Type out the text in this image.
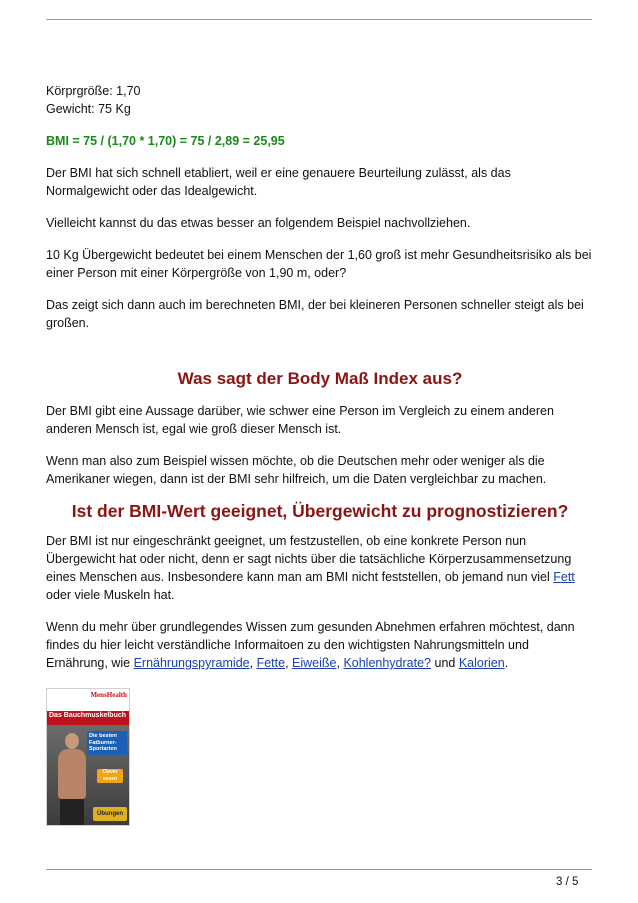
Körprgröße: 1,70
Gewicht: 75 Kg
BMI = 75 / (1,70 * 1,70) = 75 / 2,89 = 25,95
Der BMI hat sich schnell etabliert, weil er eine genauere Beurteilung zulässt, als das Normalgewicht oder das Idealgewicht.
Vielleicht kannst du das etwas besser an folgendem Beispiel nachvollziehen.
10 Kg Übergewicht bedeutet bei einem Menschen der 1,60 groß ist mehr Gesundheitsrisiko als bei einer Person mit einer Körpergröße von 1,90 m, oder?
Das zeigt sich dann auch im berechneten BMI, der bei kleineren Personen schneller steigt als bei großen.
Was sagt der Body Maß Index aus?
Der BMI gibt eine Aussage darüber, wie schwer eine Person im Vergleich zu einem anderen anderen Mensch ist, egal wie groß dieser Mensch ist.
Wenn man also zum Beispiel wissen möchte, ob die Deutschen mehr oder weniger als die Amerikaner wiegen, dann ist der BMI sehr hilfreich, um die Daten vergleichbar zu machen.
Ist der BMI-Wert geeignet, Übergewicht zu prognostizieren?
Der BMI ist nur eingeschränkt geeignet, um festzustellen, ob eine konkrete Person nun Übergewicht hat oder nicht, denn er sagt nichts über die tatsächliche Körperzusammensetzung eines Menschen aus. Insbesondere kann man am BMI nicht feststellen, ob jemand nun viel Fett oder viele Muskeln hat.
Wenn du mehr über grundlegendes Wissen zum gesunden Abnehmen erfahren möchtest, dann findes du hier leicht verständliche Informaitoen zu den wichtigsten Nahrungsmitteln und Ernährung, wie Ernährungspyramide, Fette, Eiweiße, Kohlenhydrate? und Kalorien.
MensHealth
Das Bauchmuskelbuch
Die besten Fatburner-Sportarten
Clever essen
Übungen
3 / 5
